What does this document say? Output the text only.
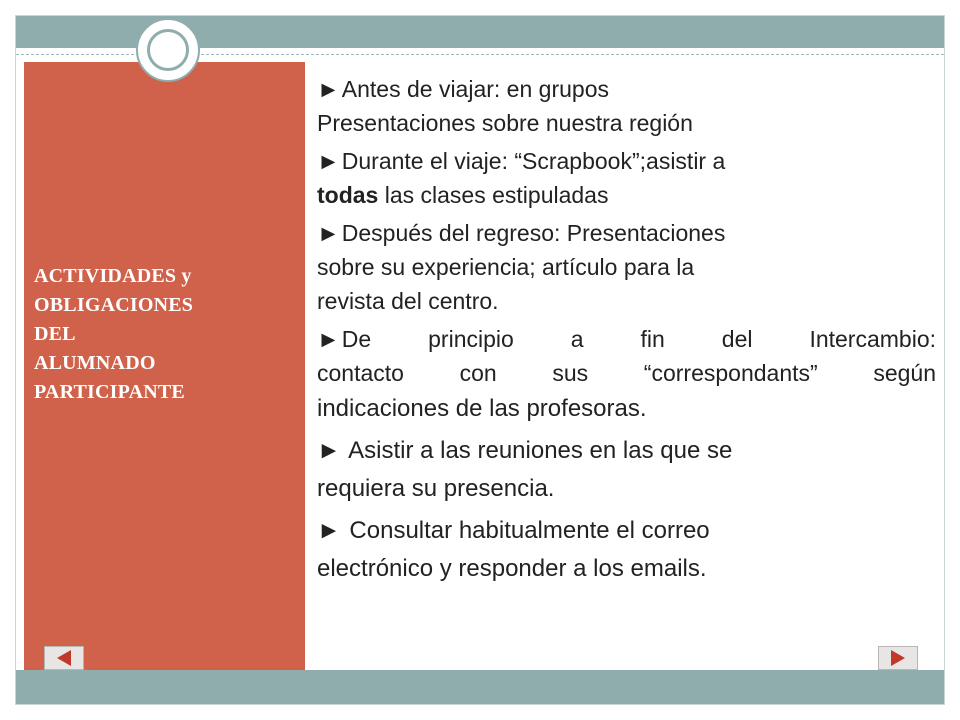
ACTIVIDADES y
OBLIGACIONES
DEL
ALUMNADO
PARTICIPANTE
►Antes de viajar: en grupos
Presentaciones sobre nuestra región
►Durante el viaje: “Scrapbook”;asistir a
todas las clases estipuladas
►Después del regreso: Presentaciones
sobre su experiencia; artículo para la
revista del centro.
►De principio a fin del Intercambio:
contacto con sus “correspondants” según
indicaciones de las profesoras.
► Asistir a las reuniones en las que se
requiera su presencia.
► Consultar habitualmente el correo
electrónico y responder a los emails.
